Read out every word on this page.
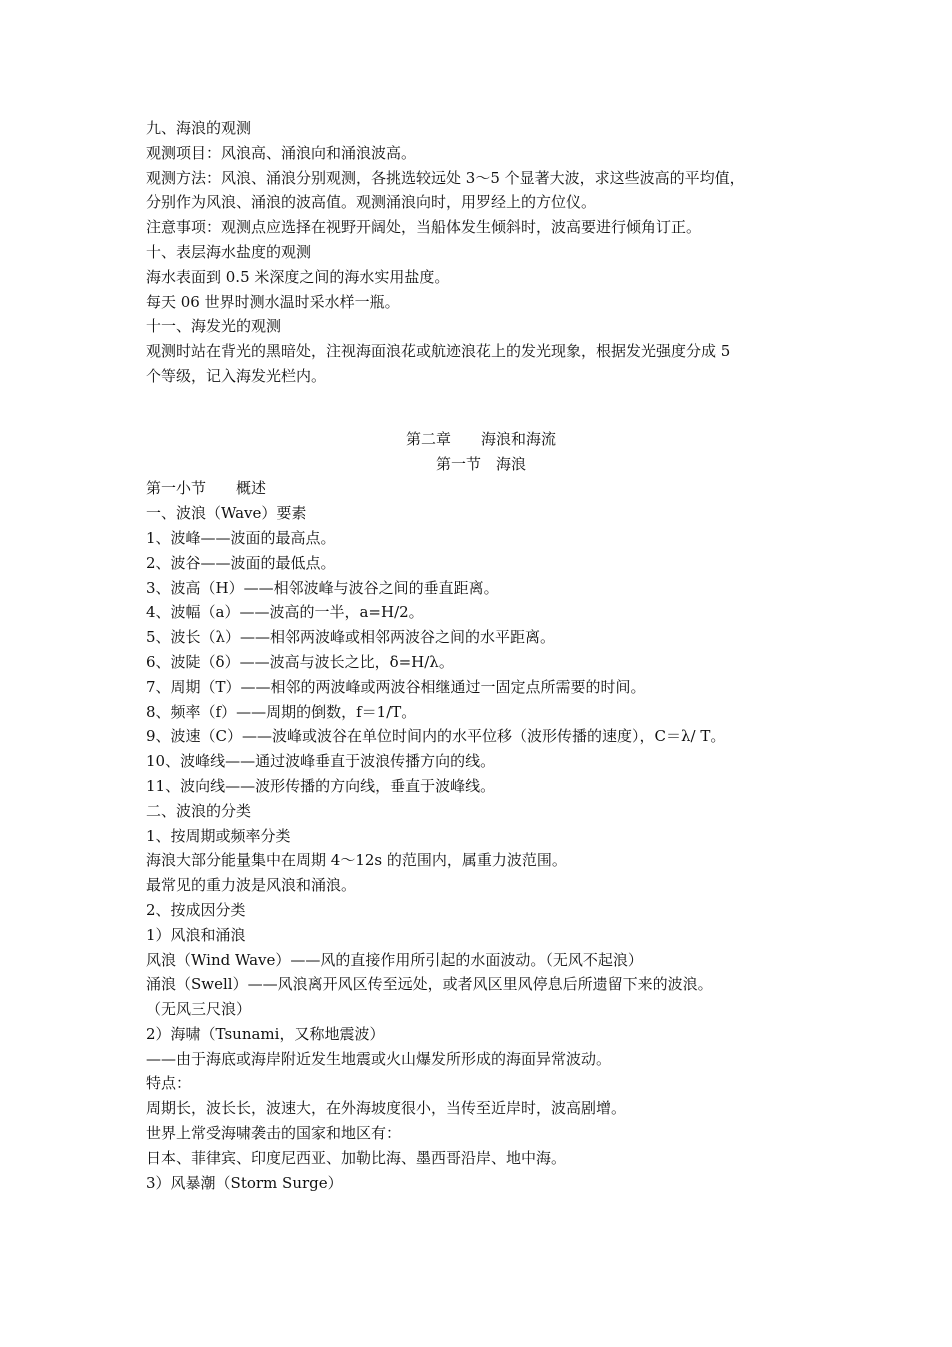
九、海浪的观测
观测项目：风浪高、涌浪向和涌浪波高。
观测方法：风浪、涌浪分别观测，各挑选较远处 3～5 个显著大波，求这些波高的平均值，
分别作为风浪、涌浪的波高值。观测涌浪向时，用罗经上的方位仪。
注意事项：观测点应选择在视野开阔处，当船体发生倾斜时，波高要进行倾角订正。
十、表层海水盐度的观测
海水表面到 0.5 米深度之间的海水实用盐度。
每天 06 世界时测水温时采水样一瓶。
十一、海发光的观测
观测时站在背光的黑暗处，注视海面浪花或航迹浪花上的发光现象，根据发光强度分成 5
个等级，记入海发光栏内。
第二章　　海浪和海流
第一节　海浪
第一小节　　概述
一、波浪（Wave）要素
1、波峰——波面的最高点。
2、波谷——波面的最低点。
3、波高（H）——相邻波峰与波谷之间的垂直距离。
4、波幅（a）——波高的一半，a=H/2。
5、波长（λ）——相邻两波峰或相邻两波谷之间的水平距离。
6、波陡（δ）——波高与波长之比，δ=H/λ。
7、周期（T）——相邻的两波峰或两波谷相继通过一固定点所需要的时间。
8、频率（f）——周期的倒数，f＝1/T。
9、波速（C）——波峰或波谷在单位时间内的水平位移（波形传播的速度），C＝λ/ T。
10、波峰线——通过波峰垂直于波浪传播方向的线。
11、波向线——波形传播的方向线，垂直于波峰线。
二、波浪的分类
1、按周期或频率分类
海浪大部分能量集中在周期 4～12s 的范围内，属重力波范围。
最常见的重力波是风浪和涌浪。
2、按成因分类
1）风浪和涌浪
风浪（Wind Wave）——风的直接作用所引起的水面波动。（无风不起浪）
涌浪（Swell）——风浪离开风区传至远处，或者风区里风停息后所遗留下来的波浪。
（无风三尺浪）
2）海啸（Tsunami，又称地震波）
——由于海底或海岸附近发生地震或火山爆发所形成的海面异常波动。
特点：
周期长，波长长，波速大，在外海坡度很小，当传至近岸时，波高剧增。
世界上常受海啸袭击的国家和地区有：
日本、菲律宾、印度尼西亚、加勒比海、墨西哥沿岸、地中海。
3）风暴潮（Storm Surge）
